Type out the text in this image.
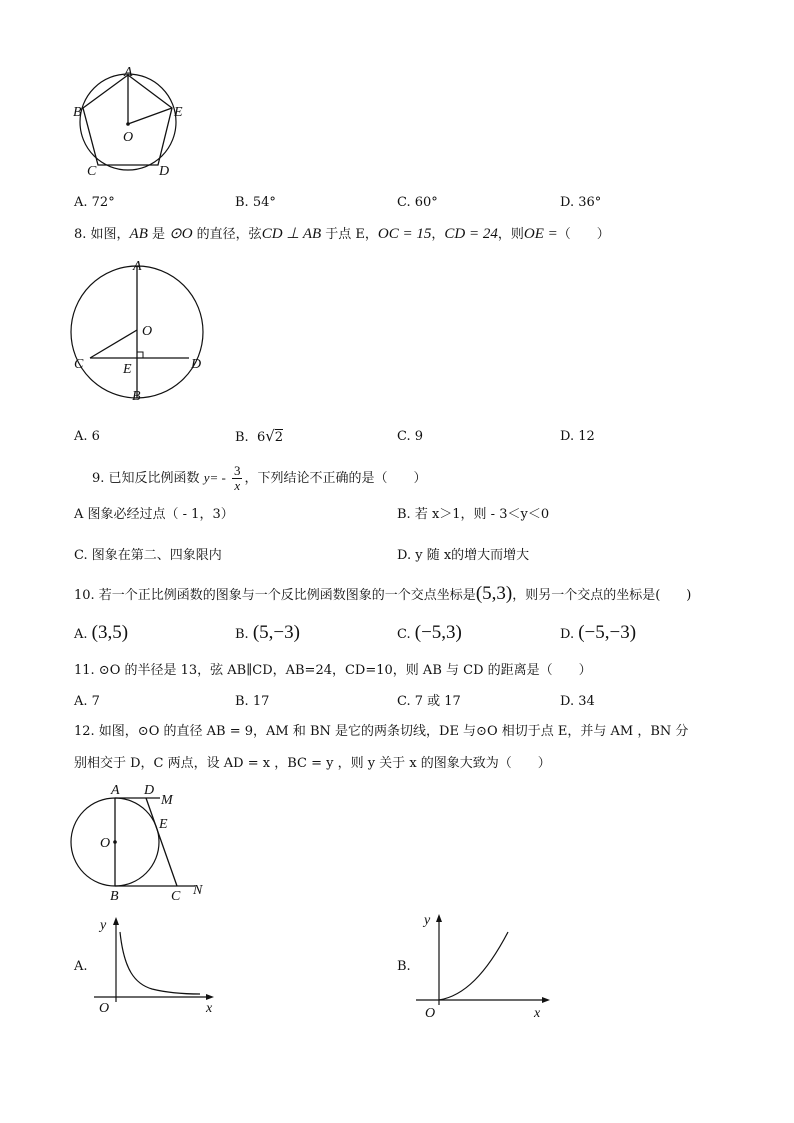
A
B
C	D
E
O
A. 72°	B. 54°	C. 60°	D. 36°
8. 如图，AB 是 ⊙O 的直径，弦CD ⊥ AB 于点 E，OC = 15，CD = 24，则OE =（　　）
A
B
C	D
E
O
A. 6	B. 6√2	C. 9	D. 12
9. 已知反比例函数 $y= - \frac{3}{x}$ ，下列结论不正确的是（　　）
A 图象必经过点（ - 1，3）	B. 若 x＞1，则 - 3＜y＜0
C. 图象在第二、四象限内	D. y 随 x的增大而增大
10. 若一个正比例函数的图象与一个反比例函数图象的一个交点坐标是(5,3)，则另一个交点的坐标是(　　)
A. (3,5)	B. (5,−3)	C. (−5,3)	D. (−5,−3)
11. ⊙O 的半径是 13，弦 AB∥CD，AB=24，CD=10，则 AB 与 CD 的距离是（　　）
A. 7	B. 17	C. 7 或 17	D. 34
12. 如图，⊙O 的直径 AB = 9，AM 和 BN 是它的两条切线，DE 与⊙O 相切于点 E，并与 AM ，BN 分
别相交于 D，C 两点，设 AD = x ，BC = y ，则 y 关于 x 的图象大致为（　　）
A
B	C
D
E
M
N
O
A.
y
x
O
B.
y
x
O
